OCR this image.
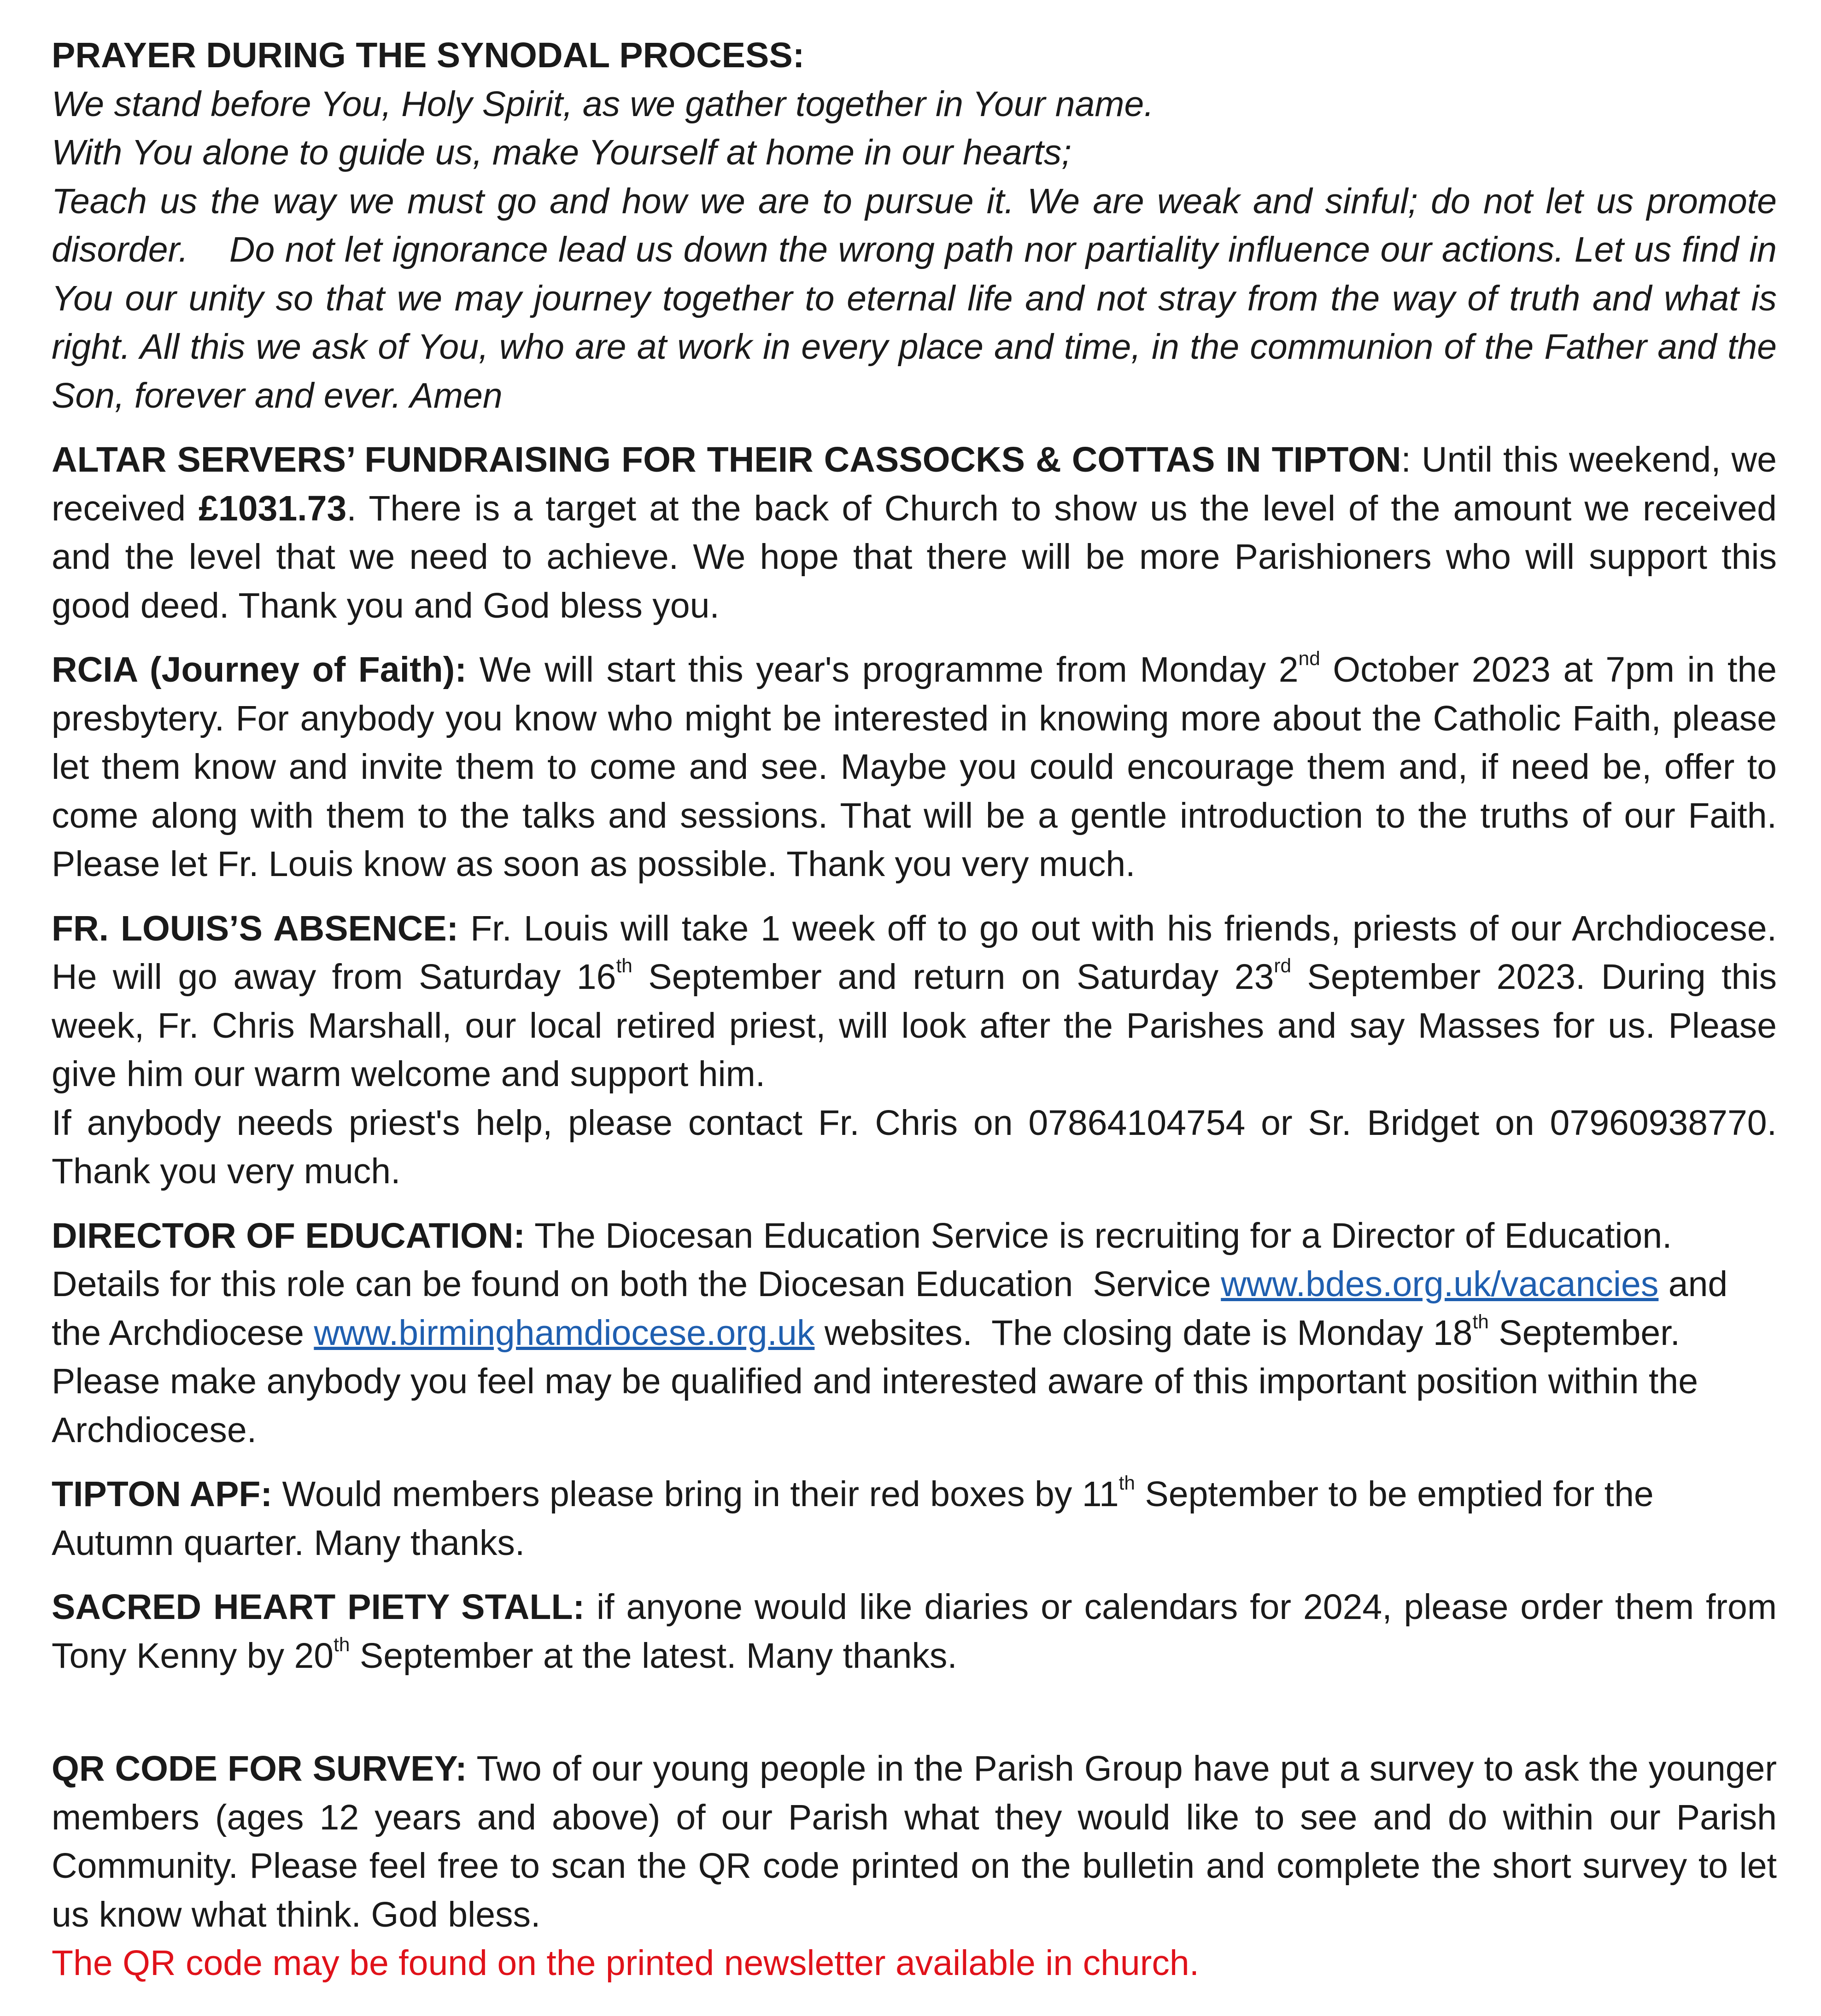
PRAYER DURING THE SYNODAL PROCESS:
We stand before You, Holy Spirit, as we gather together in Your name.
With You alone to guide us, make Yourself at home in our hearts;

Teach us the way we must go and how we are to pursue it. We are weak and sinful; do not let us promote disorder.    Do not let ignorance lead us down the wrong path nor partiality influence our actions. Let us find in You our unity so that we may journey together to eternal life and not stray from the way of truth and what is right. All this we ask of You, who are at work in every place and time, in the communion of the Father and the Son, forever and ever. Amen

ALTAR SERVERS’ FUNDRAISING FOR THEIR CASSOCKS & COTTAS IN TIPTON: Until this weekend, we received £1031.73. There is a target at the back of Church to show us the level of the amount we received and the level that we need to achieve. We hope that there will be more Parishioners who will support this good deed. Thank you and God bless you.

RCIA (Journey of Faith): We will start this year's programme from Monday 2nd October 2023 at 7pm in the presbytery. For anybody you know who might be interested in knowing more about the Catholic Faith, please let them know and invite them to come and see. Maybe you could encourage them and, if need be, offer to come along with them to the talks and sessions. That will be a gentle introduction to the truths of our Faith. Please let Fr. Louis know as soon as possible. Thank you very much.

FR. LOUIS’S ABSENCE: Fr. Louis will take 1 week off to go out with his friends, priests of our Archdiocese. He will go away from Saturday 16th September and return on Saturday 23rd September 2023. During this week, Fr. Chris Marshall, our local retired priest, will look after the Parishes and say Masses for us. Please give him our warm welcome and support him.
If anybody needs priest's help, please contact Fr. Chris on 07864104754 or Sr. Bridget on 07960938770. Thank you very much.

DIRECTOR OF EDUCATION: The Diocesan Education Service is recruiting for a Director of Education. Details for this role can be found on both the Diocesan Education  Service www.bdes.org.uk/vacancies and the Archdiocese www.birminghamdiocese.org.uk websites.  The closing date is Monday 18th September.  Please make anybody you feel may be qualified and interested aware of this important position within the Archdiocese.

TIPTON APF: Would members please bring in their red boxes by 11th September to be emptied for the Autumn quarter. Many thanks.

SACRED HEART PIETY STALL: if anyone would like diaries or calendars for 2024, please order them from Tony Kenny by 20th September at the latest. Many thanks.

QR CODE FOR SURVEY: Two of our young people in the Parish Group have put a survey to ask the younger members (ages 12 years and above) of our Parish what they would like to see and do within our Parish Community. Please feel free to scan the QR code printed on the bulletin and complete the short survey to let us know what think. God bless.
The QR code may be found on the printed newsletter available in church.
